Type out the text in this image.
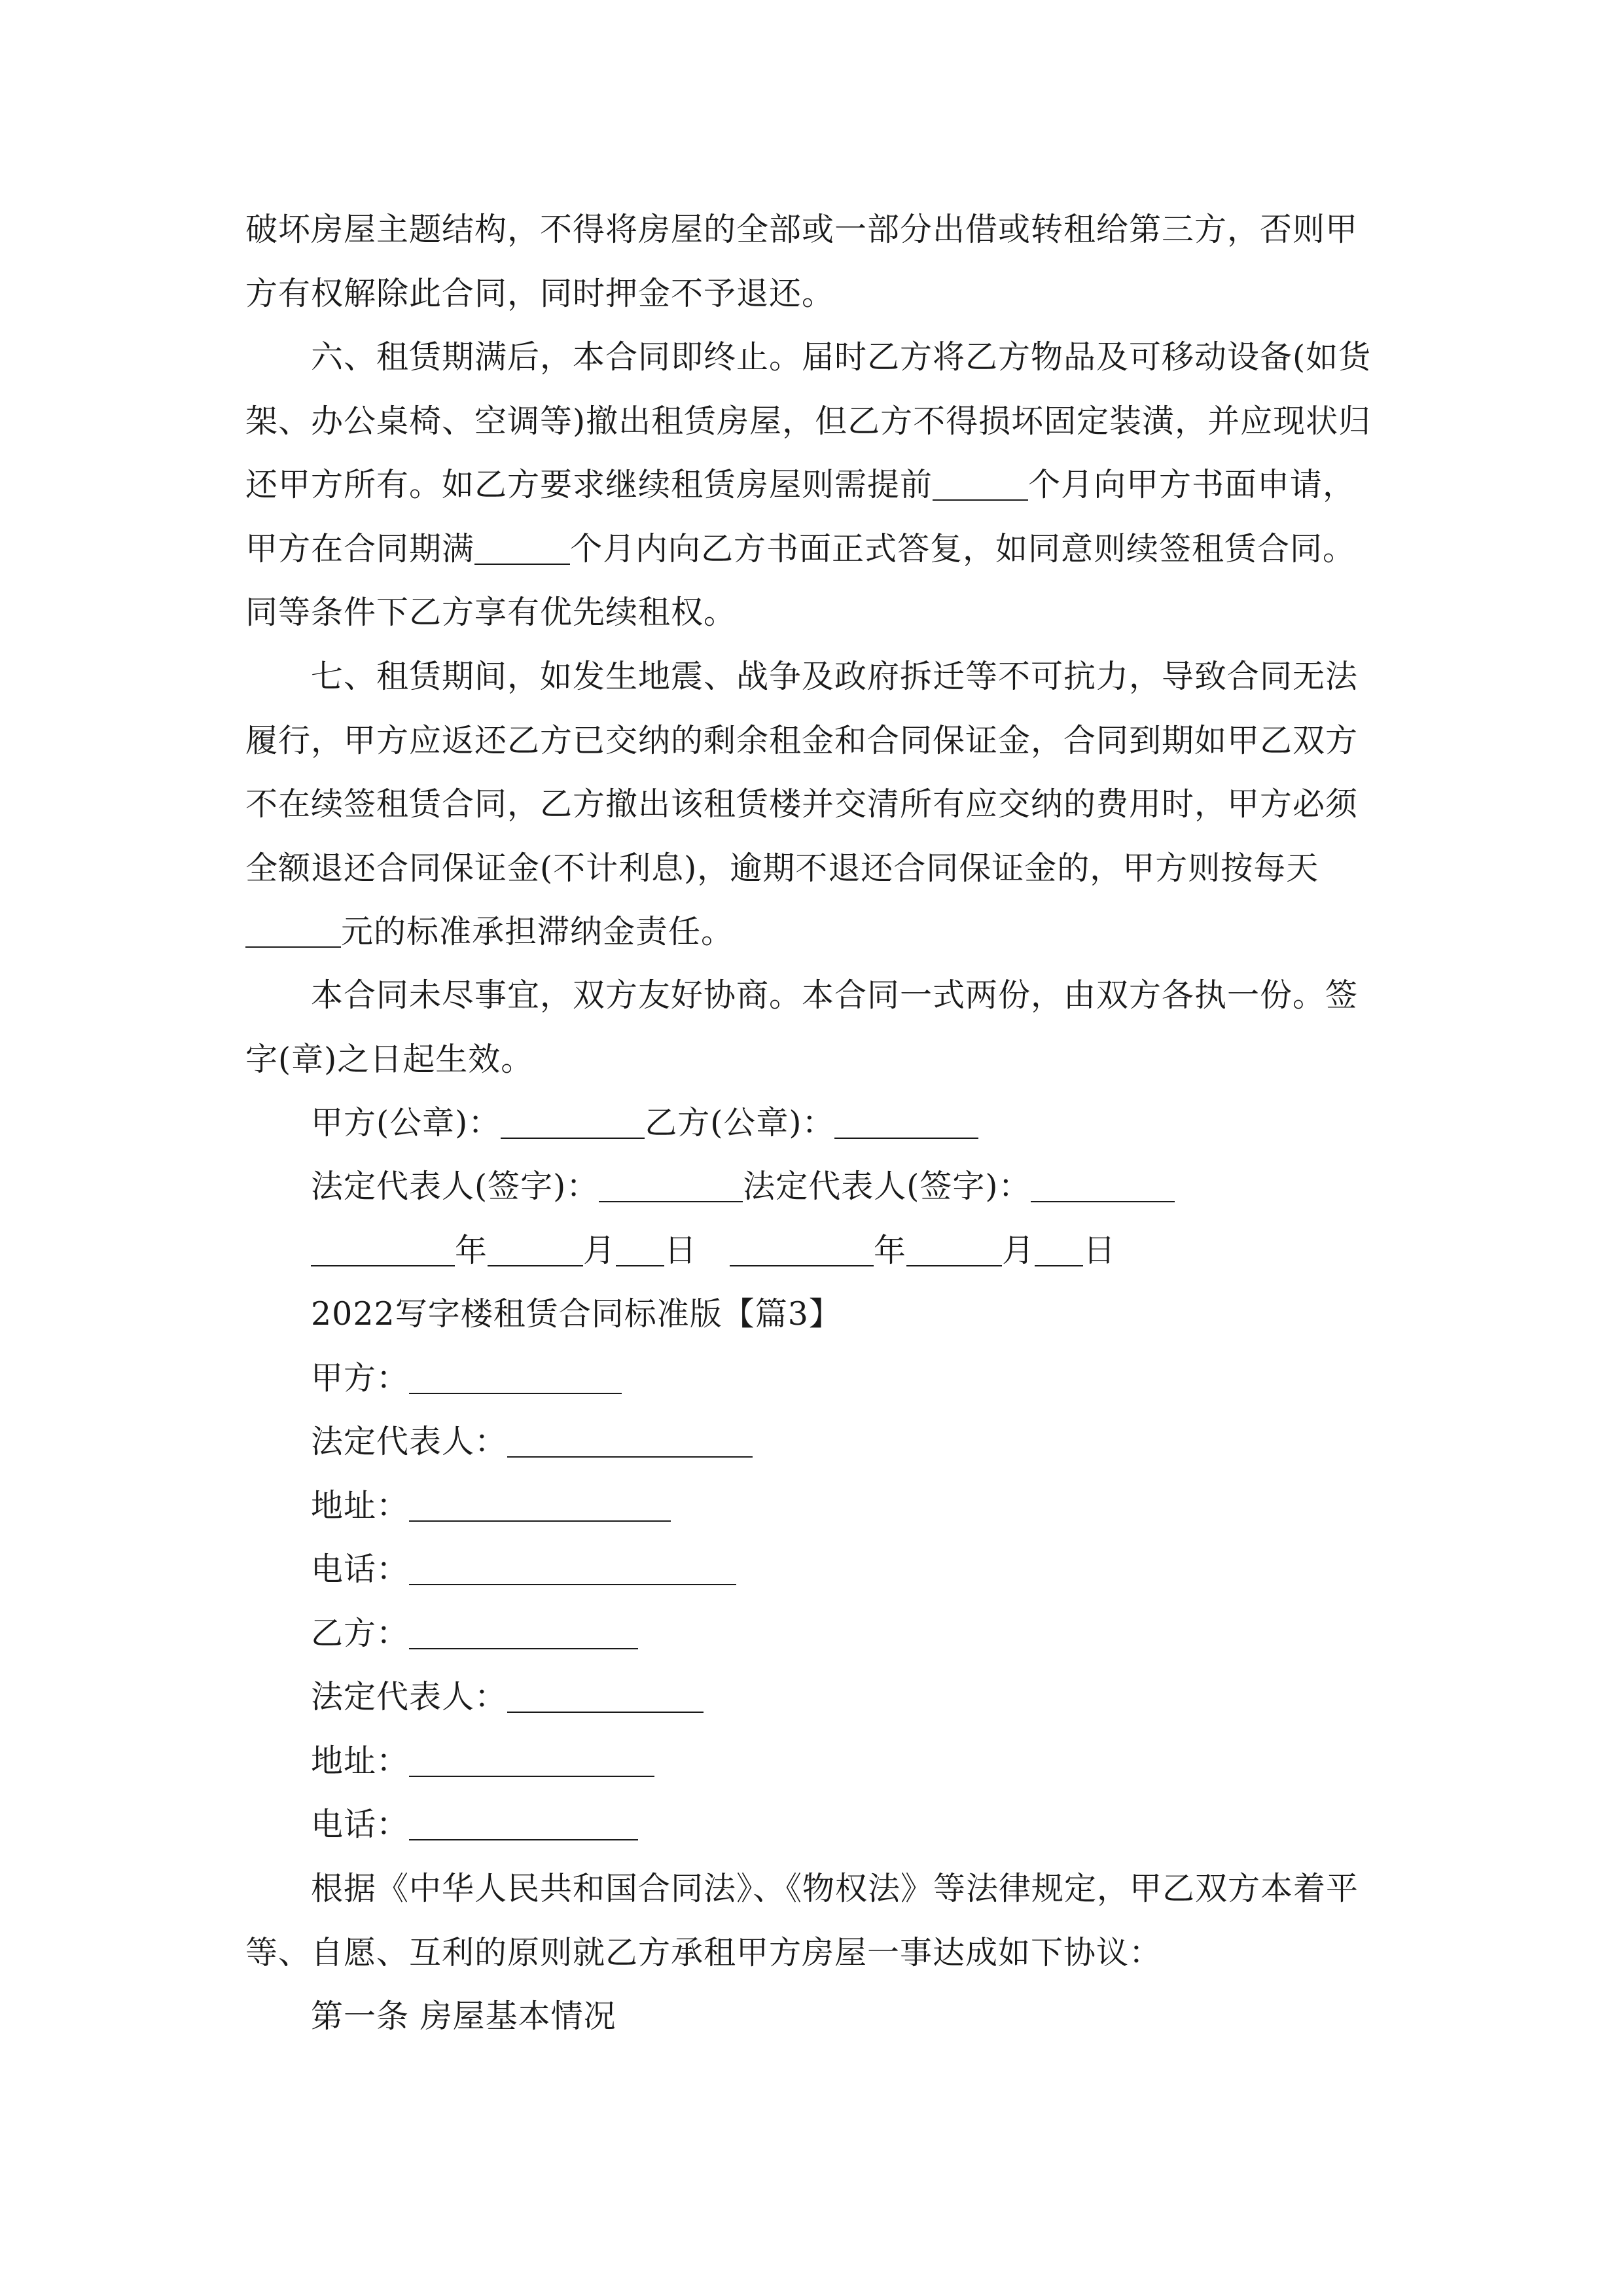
破坏房屋主题结构，不得将房屋的全部或一部分出借或转租给第三方，否则甲方有权解除此合同，同时押金不予退还。
六、租赁期满后，本合同即终止。届时乙方将乙方物品及可移动设备(如货架、办公桌椅、空调等)撤出租赁房屋，但乙方不得损坏固定装潢，并应现状归还甲方所有。如乙方要求继续租赁房屋则需提前	个月向甲方书面申请，甲方在合同期满	个月内向乙方书面正式答复，如同意则续签租赁合同。同等条件下乙方享有优先续租权。
七、租赁期间，如发生地震、战争及政府拆迁等不可抗力，导致合同无法履行，甲方应返还乙方已交纳的剩余租金和合同保证金，合同到期如甲乙双方不在续签租赁合同，乙方撤出该租赁楼并交清所有应交纳的费用时，甲方必须全额退还合同保证金(不计利息)，逾期不退还合同保证金的，甲方则按每天元的标准承担滞纳金责任。
本合同未尽事宜，双方友好协商。本合同一式两份，由双方各执一份。签字(章)之日起生效。
甲方(公章)：	乙方(公章)：
法定代表人(签字)：	法定代表人(签字)：
年	月 日	年	月 日
2022写字楼租赁合同标准版【篇3】
甲方：
法定代表人：
地址：
电话：
乙方：
法定代表人：
地址：
电话：
根据《中华人民共和国合同法》、《物权法》等法律规定，甲乙双方本着平等、自愿、互利的原则就乙方承租甲方房屋一事达成如下协议：
第一条 房屋基本情况
